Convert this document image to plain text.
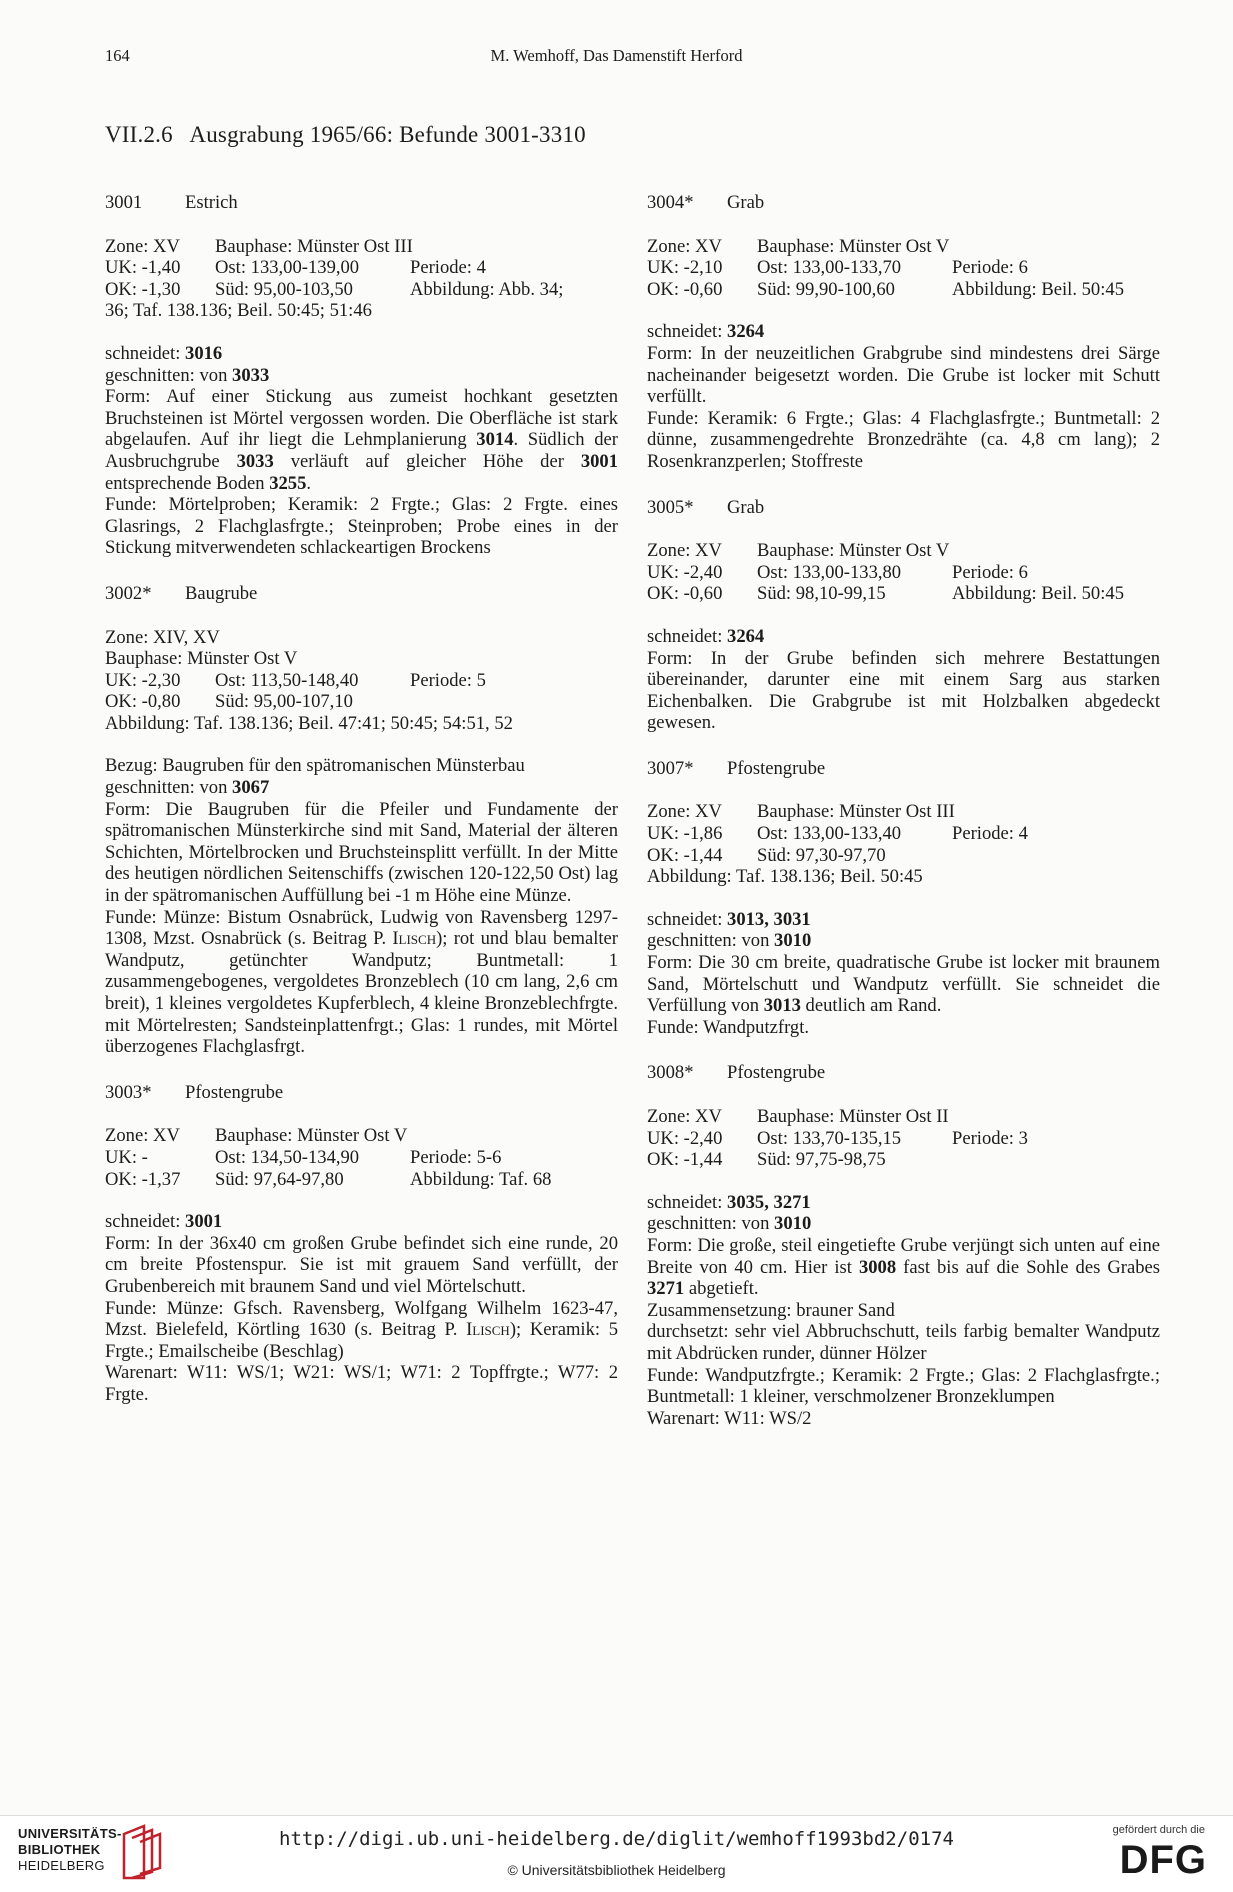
164	M. Wemhoff, Das Damenstift Herford
VII.2.6   Ausgrabung 1965/66: Befunde 3001-3310
3001 Estrich
Zone: XV Bauphase: Münster Ost III
UK: -1,40 Ost: 133,00-139,00	Periode: 4
OK: -1,30 Süd: 95,00-103,50	Abbildung: Abb. 34;
36; Taf. 138.136; Beil. 50:45; 51:46

schneidet: 3016

geschnitten: von 3033

Form: Auf einer Stickung aus zumeist hochkant gesetzten Bruchsteinen ist Mörtel vergossen worden. Die Oberfläche ist stark abgelaufen. Auf ihr liegt die Lehmplanierung 3014. Südlich der Ausbruchgrube 3033 verläuft auf gleicher Höhe der 3001 entsprechende Boden 3255.

Funde: Mörtelproben; Keramik: 2 Frgte.; Glas: 2 Frgte. eines Glasrings, 2 Flachglasfrgte.; Steinproben; Probe eines in der Stickung mitverwendeten schlackeartigen Brockens

3002* Baugrube
Zone: XIV, XV
Bauphase: Münster Ost V
UK: -2,30 Ost: 113,50-148,40	Periode: 5
OK: -0,80 Süd: 95,00-107,10
Abbildung: Taf. 138.136; Beil. 47:41; 50:45; 54:51, 52

Bezug: Baugruben für den spätromanischen Münsterbau

geschnitten: von 3067

Form: Die Baugruben für die Pfeiler und Fundamente der spätromanischen Münsterkirche sind mit Sand, Material der älteren Schichten, Mörtelbrocken und Bruchsteinsplitt verfüllt. In der Mitte des heutigen nördlichen Seitenschiffs (zwischen 120-122,50 Ost) lag in der spätromanischen Auffüllung bei -1 m Höhe eine Münze.

Funde: Münze: Bistum Osnabrück, Ludwig von Ravensberg 1297-1308, Mzst. Osnabrück (s. Beitrag P. Ilisch); rot und blau bemalter Wandputz, getünchter Wandputz; Buntmetall: 1 zusammengebogenes, vergoldetes Bronzeblech (10 cm lang, 2,6 cm breit), 1 kleines vergoldetes Kupferblech, 4 kleine Bronzeblechfrgte. mit Mörtelresten; Sandsteinplattenfrgt.; Glas: 1 rundes, mit Mörtel überzogenes Flachglasfrgt.

3003* Pfostengrube
Zone: XV Bauphase: Münster Ost V
UK: -	Ost: 134,50-134,90	Periode: 5-6
OK: -1,37 Süd: 97,64-97,80	Abbildung: Taf. 68

schneidet: 3001

Form: In der 36x40 cm großen Grube befindet sich eine runde, 20 cm breite Pfostenspur. Sie ist mit grauem Sand verfüllt, der Grubenbereich mit braunem Sand und viel Mörtelschutt.

Funde: Münze: Gfsch. Ravensberg, Wolfgang Wilhelm 1623-47, Mzst. Bielefeld, Körtling 1630 (s. Beitrag P. Ilisch); Keramik: 5 Frgte.; Emailscheibe (Beschlag)

Warenart: W11: WS/1; W21: WS/1; W71: 2 Topffrgte.; W77: 2 Frgte.

3004* Grab
Zone: XV Bauphase: Münster Ost V
UK: -2,10 Ost: 133,00-133,70	Periode: 6
OK: -0,60 Süd: 99,90-100,60	Abbildung: Beil. 50:45

schneidet: 3264

Form: In der neuzeitlichen Grabgrube sind mindestens drei Särge nacheinander beigesetzt worden. Die Grube ist locker mit Schutt verfüllt.

Funde: Keramik: 6 Frgte.; Glas: 4 Flachglasfrgte.; Buntmetall: 2 dünne, zusammengedrehte Bronzedrähte (ca. 4,8 cm lang); 2 Rosenkranzperlen; Stoffreste

3005* Grab
Zone: XV Bauphase: Münster Ost V
UK: -2,40 Ost: 133,00-133,80	Periode: 6
OK: -0,60 Süd: 98,10-99,15	Abbildung: Beil. 50:45

schneidet: 3264

Form: In der Grube befinden sich mehrere Bestattungen übereinander, darunter eine mit einem Sarg aus starken Eichenbalken. Die Grabgrube ist mit Holzbalken abgedeckt gewesen.

3007* Pfostengrube
Zone: XV Bauphase: Münster Ost III
UK: -1,86 Ost: 133,00-133,40	Periode: 4
OK: -1,44 Süd: 97,30-97,70
Abbildung: Taf. 138.136; Beil. 50:45

schneidet: 3013, 3031

geschnitten: von 3010

Form: Die 30 cm breite, quadratische Grube ist locker mit braunem Sand, Mörtelschutt und Wandputz verfüllt. Sie schneidet die Verfüllung von 3013 deutlich am Rand.

Funde: Wandputzfrgt.

3008* Pfostengrube
Zone: XV Bauphase: Münster Ost II
UK: -2,40 Ost: 133,70-135,15	Periode: 3
OK: -1,44 Süd: 97,75-98,75

schneidet: 3035, 3271

geschnitten: von 3010

Form: Die große, steil eingetiefte Grube verjüngt sich unten auf eine Breite von 40 cm. Hier ist 3008 fast bis auf die Sohle des Grabes 3271 abgetieft.

Zusammensetzung: brauner Sand

durchsetzt: sehr viel Abbruchschutt, teils farbig bemalter Wandputz mit Abdrücken runder, dünner Hölzer

Funde: Wandputzfrgte.; Keramik: 2 Frgte.; Glas: 2 Flachglasfrgte.; Buntmetall: 1 kleiner, verschmolzener Bronzeklumpen

Warenart: W11: WS/2

UNIVERSITÄTS-
BIBLIOTHEK
HEIDELBERG
http://digi.ub.uni-heidelberg.de/diglit/wemhoff1993bd2/0174
© Universitätsbibliothek Heidelberg
gefördert durch die
DFG
